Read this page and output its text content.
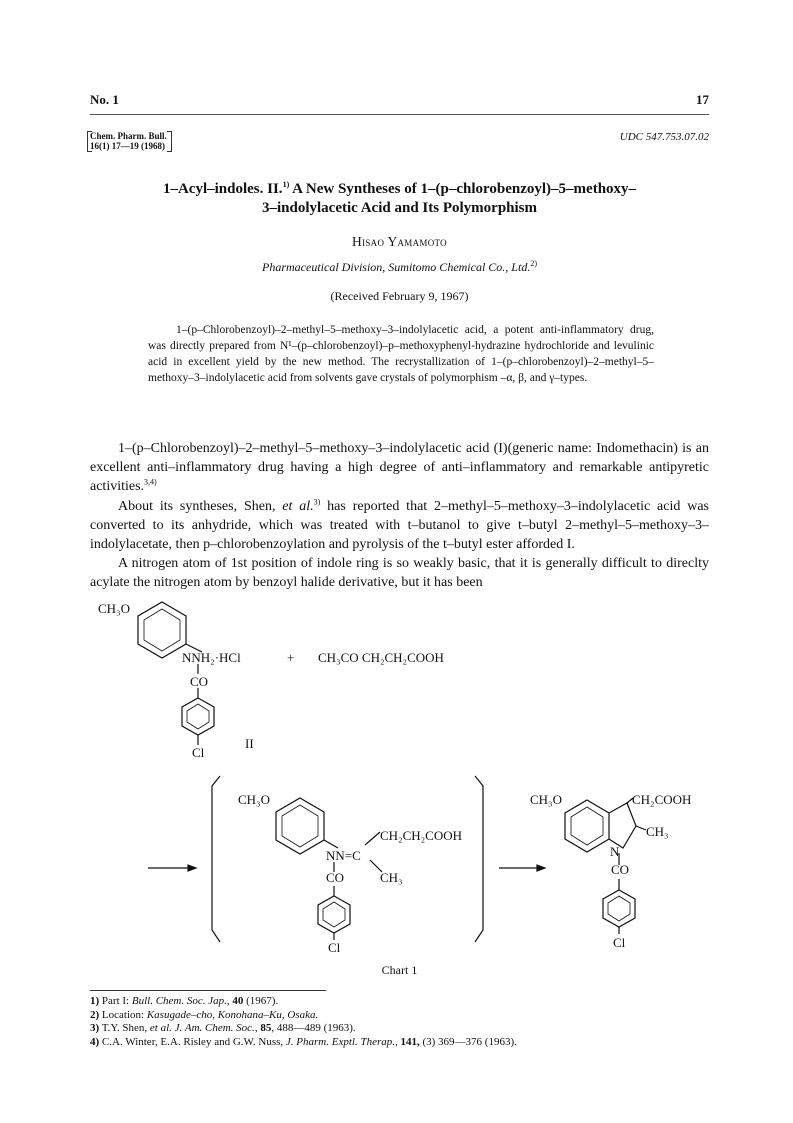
No. 1	17
Chem. Pharm. Bull.
16(1) 17—19 (1968)
UDC 547.753.07.02
1–Acyl–indoles. II.$^{1)}$ A New Syntheses of 1–(p–chlorobenzoyl)–5–methoxy–
3–indolylacetic Acid and Its Polymorphism
Hisao Yamamoto
Pharmaceutical Division, Sumitomo Chemical Co., Ltd.$^{2)}$
(Received February 9, 1967)
1–(p–Chlorobenzoyl)–2–methyl–5–methoxy–3–indolylacetic acid, a potent anti-inflammatory drug, was directly prepared from N¹–(p–chlorobenzoyl)–p–methoxyphenyl-hydrazine hydrochloride and levulinic acid in excellent yield by the new method. The recrystallization of 1–(p–chlorobenzoyl)–2–methyl–5–methoxy–3–indolylacetic acid from solvents gave crystals of polymorphism –α, β, and γ–types.
1–(p–Chlorobenzoyl)–2–methyl–5–methoxy–3–indolylacetic acid (I)(generic name: Indomethacin) is an excellent anti–inflammatory drug having a high degree of anti–inflammatory and remarkable antipyretic activities.$^{3,4)}$
About its syntheses, Shen, et al.$^{3)}$ has reported that 2–methyl–5–methoxy–3–indolylacetic acid was converted to its anhydride, which was treated with t–butanol to give t–butyl 2–methyl–5–methoxy–3–indolylacetate, then p–chlorobenzoylation and pyrolysis of the t–butyl ester afforded I.
A nitrogen atom of 1st position of indole ring is so weakly basic, that it is generally difficult to direclty acylate the nitrogen atom by benzoyl halide derivative, but it has been
CH₃O
NNH₂·HCl	+ CH₃CO CH₂CH₂COOH
CO
Cl
II
CH₃O
CH₂CH₂COOH
NN=C
CO	CH₃
Cl
CH₃O	CH₂COOH
CH₃
N
CO
Cl
Chart 1
1) Part I: Bull. Chem. Soc. Jap., 40 (1967).
2) Location: Kasugade–cho, Konohana–Ku, Osaka.
3) T.Y. Shen, et al. J. Am. Chem. Soc., 85, 488—489 (1963).
4) C.A. Winter, E.A. Risley and G.W. Nuss, J. Pharm. Exptl. Therap., 141, (3) 369—376 (1963).
